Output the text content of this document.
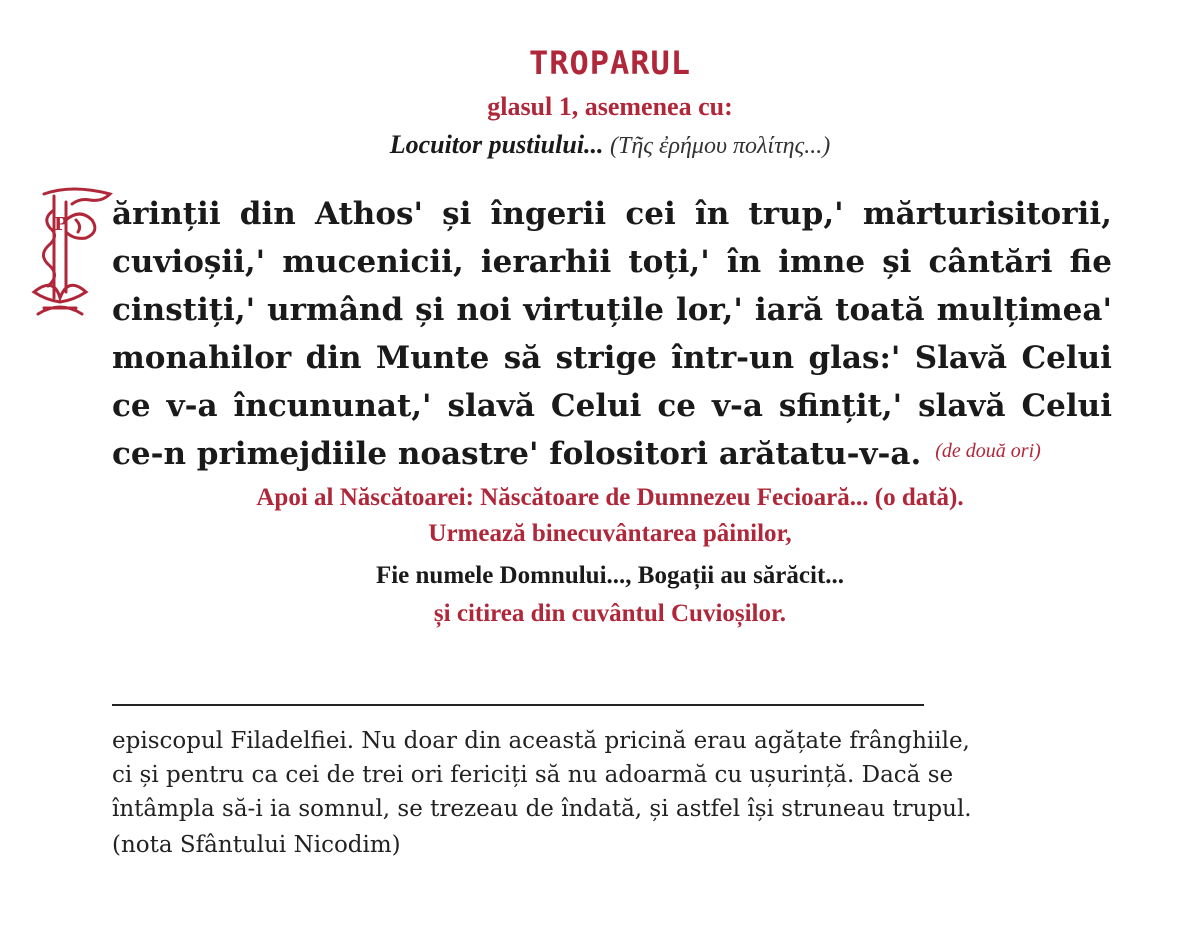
TROPARUL
glasul 1, asemenea cu:
Locuitor pustiului... (Τῆς ἐρήμου πολίτης...)
P ărinții din Athos' și îngerii cei în trup,' mărturisitorii,
cuvioșii,' mucenicii, ierarhii toți,' în imne și cântări fie
cinstiți,' urmând și noi virtuțile lor,' iară toată mulțimea'
monahilor din Munte să strige într-un glas:' Slavă Celui
ce v-a încununat,' slavă Celui ce v-a sfințit,' slavă Celui
ce-n primejdiile noastre' folositori arătatu-v-a. (de două ori)
Apoi al Născătoarei: Născătoare de Dumnezeu Fecioară... (o dată).
Urmează binecuvântarea pâinilor,
Fie numele Domnului..., Bogații au sărăcit...
și citirea din cuvântul Cuvioșilor.
episcopul Filadelfiei. Nu doar din această pricină erau agățate frânghiile,
ci și pentru ca cei de trei ori fericiți să nu adoarmă cu ușurință. Dacă se
întâmpla să-i ia somnul, se trezeau de îndată, și astfel își struneau trupul.
(nota Sfântului Nicodim)
